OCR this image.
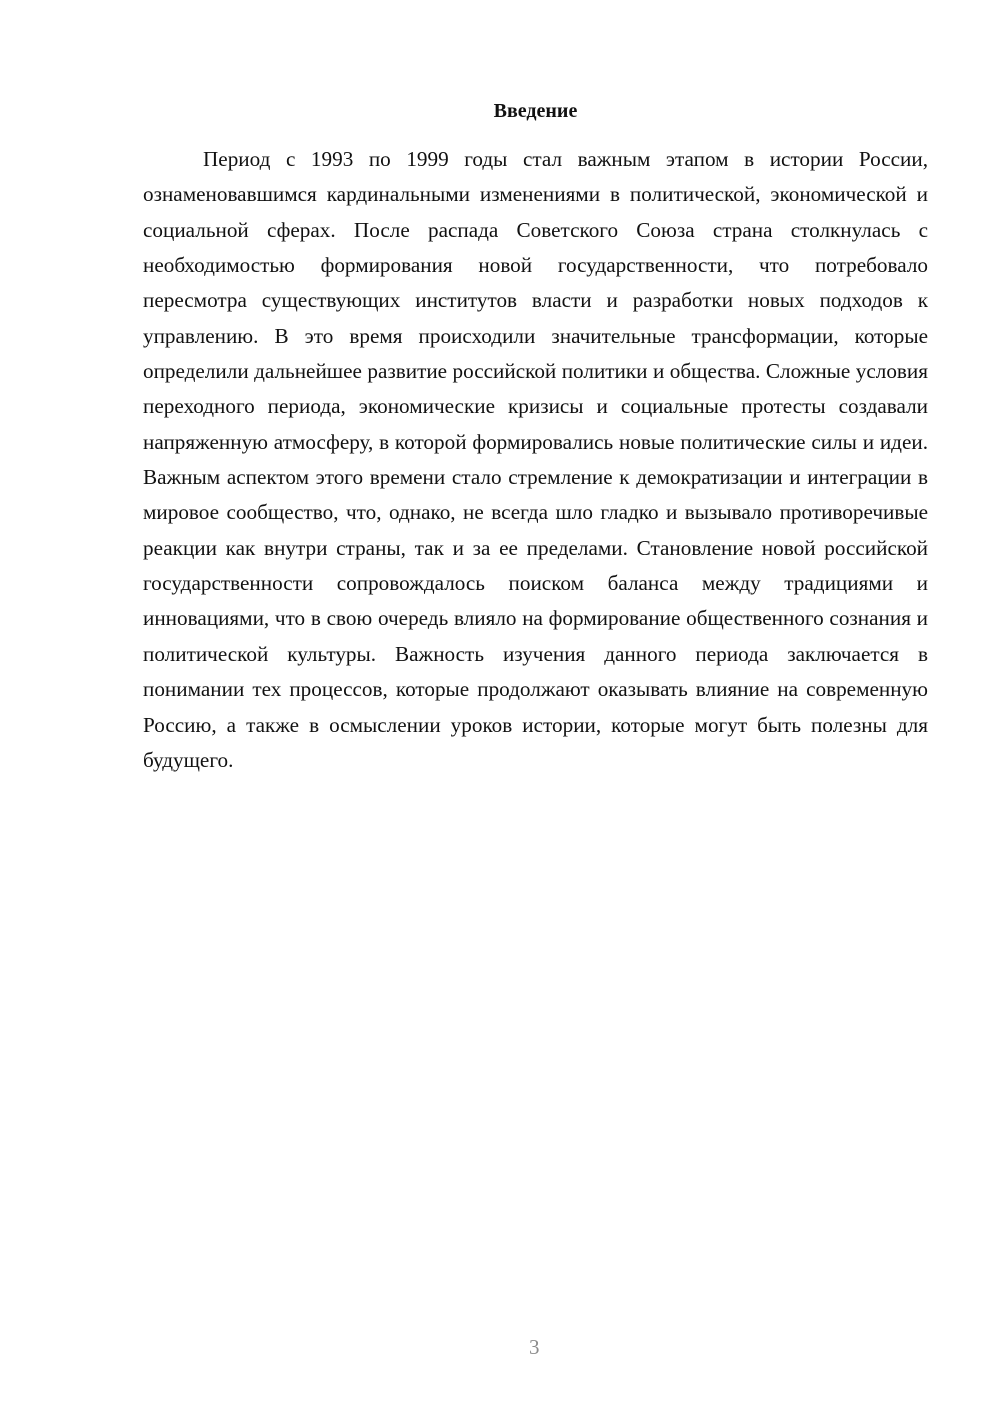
Введение

Период с 1993 по 1999 годы стал важным этапом в истории России, ознаменовавшимся кардинальными изменениями в политической, экономической и социальной сферах. После распада Советского Союза страна столкнулась с необходимостью формирования новой государственности, что потребовало пересмотра существующих институтов власти и разработки новых подходов к управлению. В это время происходили значительные трансформации, которые определили дальнейшее развитие российской политики и общества. Сложные условия переходного периода, экономические кризисы и социальные протесты создавали напряженную атмосферу, в которой формировались новые политические силы и идеи. Важным аспектом этого времени стало стремление к демократизации и интеграции в мировое сообщество, что, однако, не всегда шло гладко и вызывало противоречивые реакции как внутри страны, так и за ее пределами. Становление новой российской государственности сопровождалось поиском баланса между традициями и инновациями, что в свою очередь влияло на формирование общественного сознания и политической культуры. Важность изучения данного периода заключается в понимании тех процессов, которые продолжают оказывать влияние на современную Россию, а также в осмыслении уроков истории, которые могут быть полезны для будущего.

3
